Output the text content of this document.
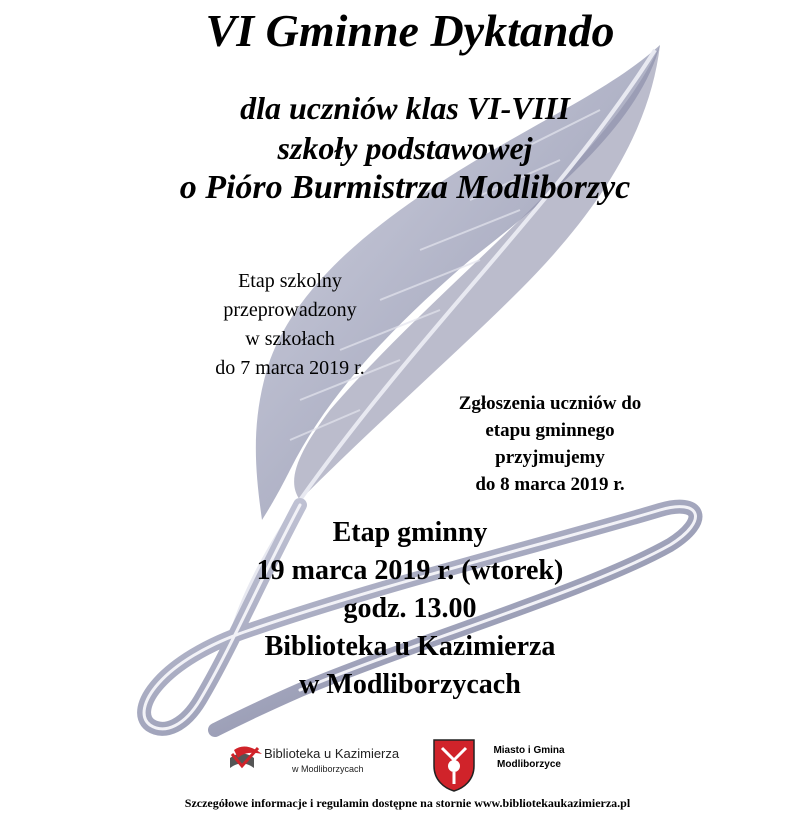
VI Gminne Dyktando
dla uczniów klas VI-VIII
szkoły podstawowej
o Pióro Burmistrza Modliborzyc
Etap szkolny
przeprowadzony
w szkołach
do 7 marca 2019 r.
Zgłoszenia uczniów do
etapu gminnego
przyjmujemy
do 8 marca 2019 r.
Etap gminny
19 marca 2019 r. (wtorek)
godz. 13.00
Biblioteka u Kazimierza
w Modliborzycach
Biblioteka u Kazimierza
w Modliborzycach
Miasto i Gmina
Modliborzyce
Szczegółowe informacje i regulamin dostępne na stornie www.bibliotekaukazimierza.pl
